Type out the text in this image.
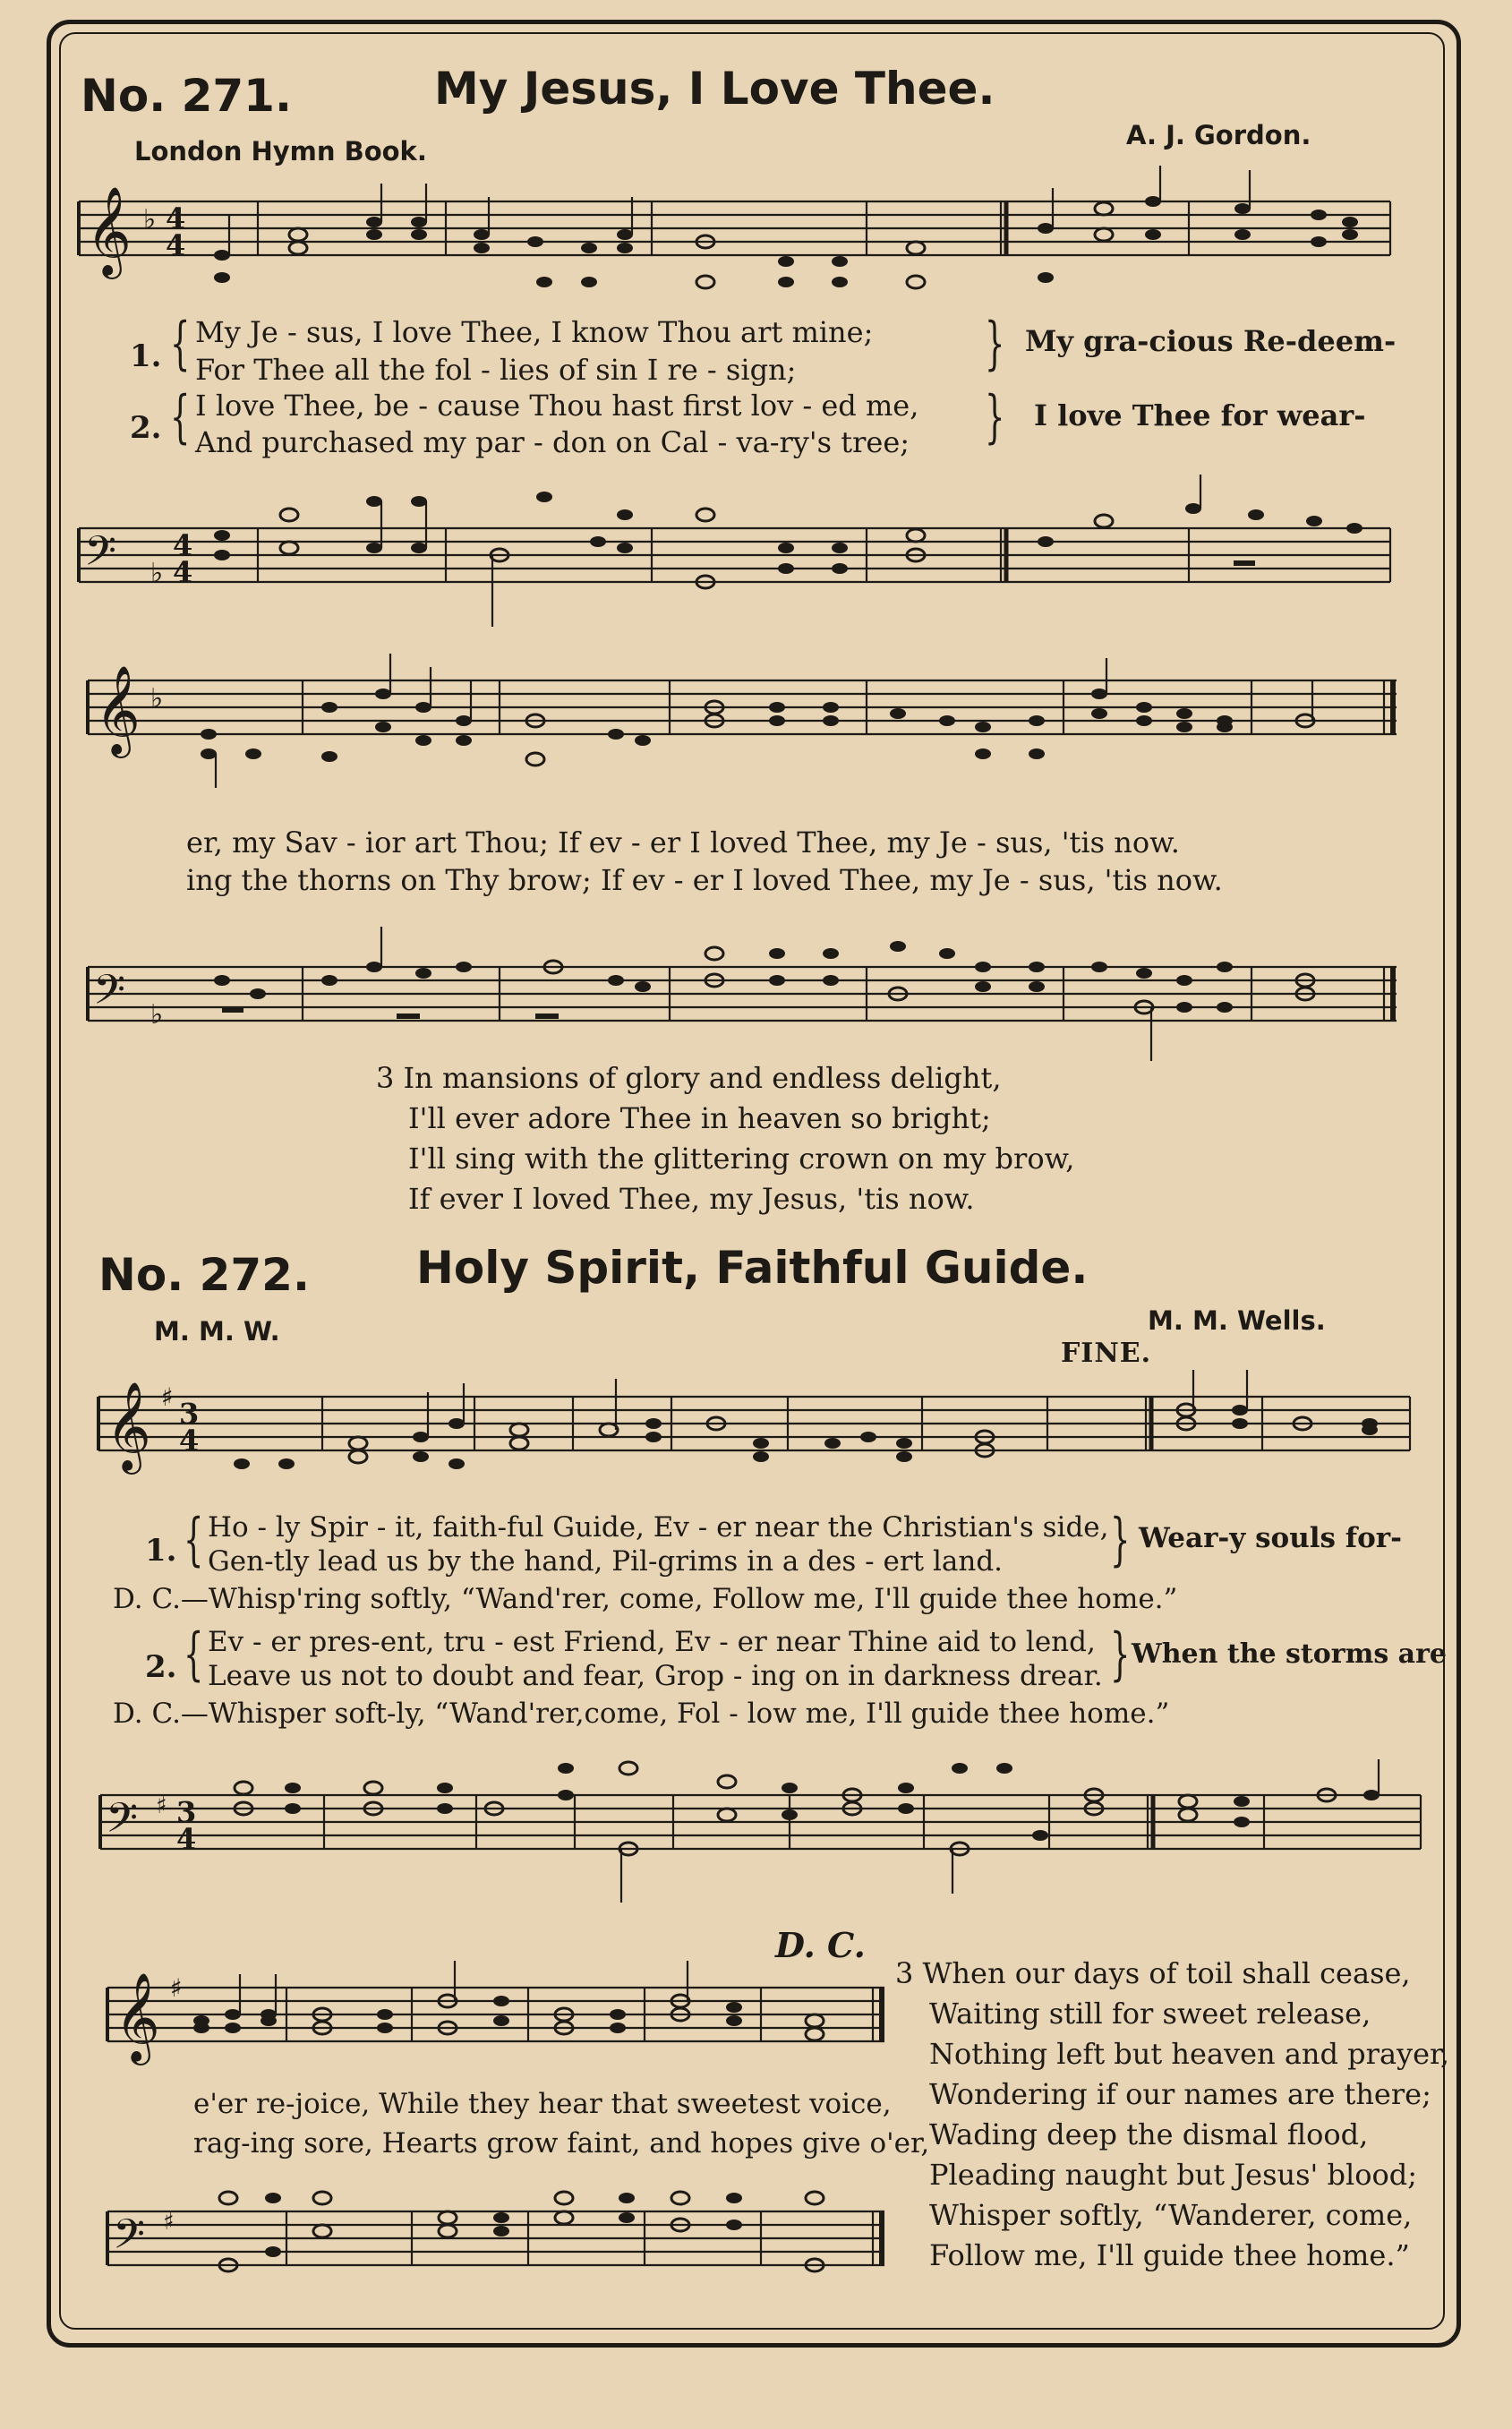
No. 271.	My Jesus, I Love Thee.
London Hymn Book.
A. J. Gordon.
𝄞 ♭
1. { My Je - sus, I love Thee, I know Thou art mine;
For Thee all the fol - lies of sin I re - sign;	} My gra-cious Re-deem-
2. { I love Thee, be - cause Thou hast first lov - ed me,
And purchased my par - don on Cal - va-ry's tree; } I love Thee for wear-
𝄢 ♭
𝄞 ♭
er, my Sav - ior art Thou; If ev - er I loved Thee, my Je - sus, 'tis now.
ing the thorns on Thy brow; If ev - er I loved Thee, my Je - sus, 'tis now.
𝄢 ♭
3 In mansions of glory and endless delight,
I'll ever adore Thee in heaven so bright;
I'll sing with the glittering crown on my brow,
If ever I loved Thee, my Jesus, 'tis now.
No. 272. Holy Spirit, Faithful Guide.
M. M. W.	M. M. Wells.
FINE.
𝄞 ♯
1. { Ho - ly Spir - it, faith-ful Guide, Ev - er near the Christian's side,
Gen-tly lead us by the hand, Pil-grims in a des - ert land. } Wear-y souls for-
D. C.—Whisp'ring softly, “Wand'rer, come, Follow me, I'll guide thee home.”
2. { Ev - er pres-ent, tru - est Friend, Ev - er near Thine aid to lend,
Leave us not to doubt and fear, Grop - ing on in darkness drear. } When the storms are
D. C.—Whisper soft-ly, “Wand'rer,come, Fol - low me, I'll guide thee home.”
𝄢 ♯
D. C.
𝄞 ♯
e'er re-joice, While they hear that sweetest voice,
rag-ing sore, Hearts grow faint, and hopes give o'er,
𝄢 ♯
3 When our days of toil shall cease,
Waiting still for sweet release,
Nothing left but heaven and prayer,
Wondering if our names are there;
Wading deep the dismal flood,
Pleading naught but Jesus' blood;
Whisper softly, “Wanderer, come,
Follow me, I'll guide thee home.”
4
4
4
4
3
4
3
4
